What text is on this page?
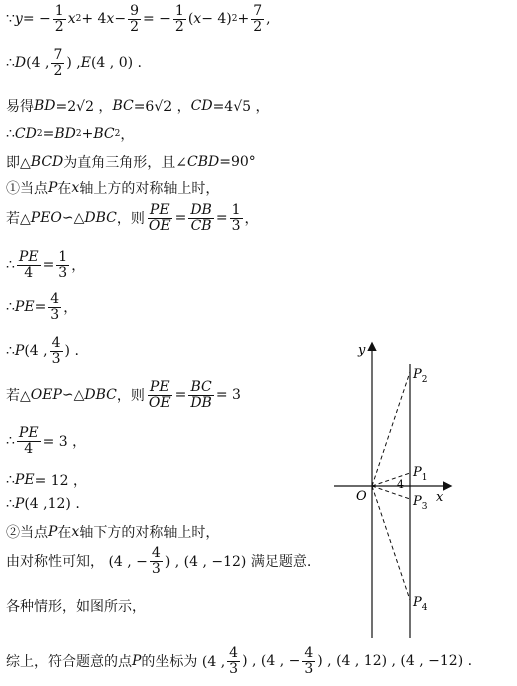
∵ y = − $\frac{1}{2}$ x 2 + 4 $x - \frac{9}{2}$ = − $\frac{1}{2}$ ( x − 4) $2 + \frac{7}{2}$ ,
∴ D (4 , $\frac{7}{2}$ ) , E (4 , 0) .
易得 BD =2√2 ， BC =6√2 ， CD =4√5 ，
∴ CD 2 = BD 2 + BC 2 ，
即△ BCD 为直角三角形，且∠ CBD =90°
①当点 P 在 x 轴上方的对称轴上时，
若△ PEO ∽△ DBC ，则 $\frac{PE}{OE} = \frac{DB}{CB} = \frac{1}{3}$ ，
∴ $\frac{PE}{4} = \frac{1}{3}$ ，
∴ PE = $\frac{4}{3}$ ，
∴ P (4 , $\frac{4}{3}$ ) .
若△ OEP ∽△ DBC ，则 $\frac{PE}{OE} = \frac{BC}{DB} = 3$
∴ $\frac{PE}{4} = 3$ ，
∴ PE = 12 ，
∴ P (4 ,12) .
②当点 P 在 x 轴下方的对称轴上时，
由对称性可知， (4 , − $\frac{4}{3}$ ) , (4 , −12) 满足题意.
各种情形，如图所示，
综上，符合题意的点 P 的坐标为 (4 , $\frac{4}{3}$ ) , (4 , − $\frac{4}{3}$ ) , (4 , 12) , (4 , −12) .
y
x
O
4
$P_2$
$P_1$
$P_3$
$P_4$
